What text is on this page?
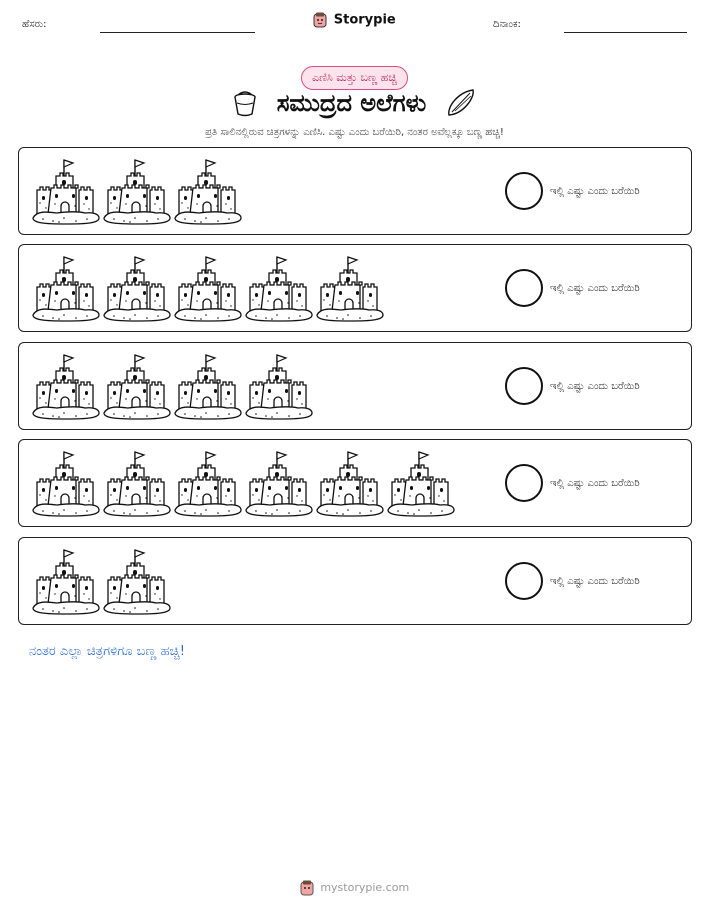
ಹೆಸರು:	Storypie	ದಿನಾಂಕ:
ಎಣಿಸಿ ಮತ್ತು ಬಣ್ಣ ಹಚ್ಚಿ
ಸಮುದ್ರದ ಅಲೆಗಳು
ಪ್ರತಿ ಸಾಲಿನಲ್ಲಿರುವ ಚಿತ್ರಗಳನ್ನು ಎಣಿಸಿ. ಎಷ್ಟು ಎಂದು ಬರೆಯಿರಿ, ನಂತರ ಅವೆಲ್ಲಕ್ಕೂ ಬಣ್ಣ ಹಚ್ಚಿ!
ಇಲ್ಲಿ ಎಷ್ಟು ಎಂದು ಬರೆಯಿರಿ
ಇಲ್ಲಿ ಎಷ್ಟು ಎಂದು ಬರೆಯಿರಿ
ಇಲ್ಲಿ ಎಷ್ಟು ಎಂದು ಬರೆಯಿರಿ
ಇಲ್ಲಿ ಎಷ್ಟು ಎಂದು ಬರೆಯಿರಿ
ಇಲ್ಲಿ ಎಷ್ಟು ಎಂದು ಬರೆಯಿರಿ
ನಂತರ ಎಲ್ಲಾ ಚಿತ್ರಗಳಿಗೂ ಬಣ್ಣ ಹಚ್ಚಿ!
mystorypie.com
